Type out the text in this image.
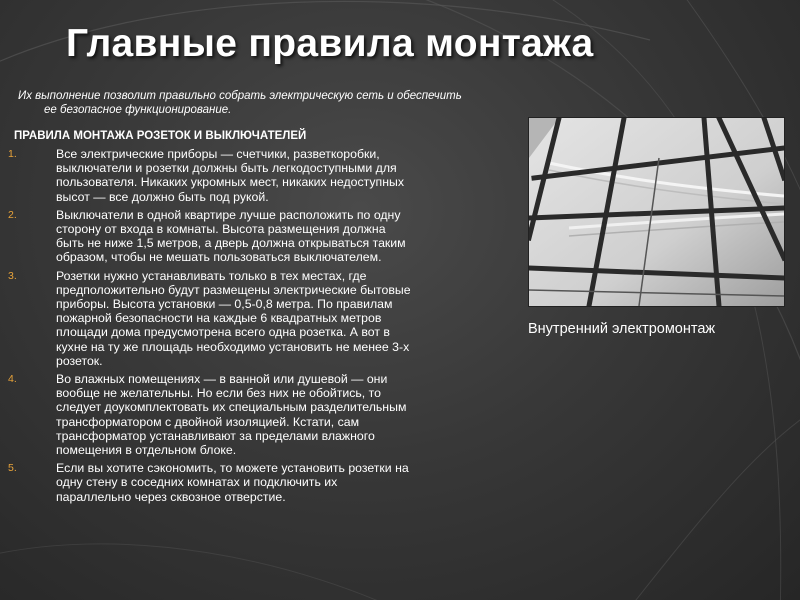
Главные правила монтажа
Их выполнение позволит правильно собрать электрическую сеть и обеспечить
ее безопасное функционирование.
ПРАВИЛА МОНТАЖА РОЗЕТОК И ВЫКЛЮЧАТЕЛЕЙ
1.	Все электрические приборы — счетчики, разветкоробки,
выключатели и розетки должны быть легкодоступными для
пользователя. Никаких укромных мест, никаких недоступных
высот — все должно быть под рукой.
2.	Выключатели в одной квартире лучше расположить по одну
сторону от входа в комнаты. Высота размещения должна
быть не ниже 1,5 метров, а дверь должна открываться таким
образом, чтобы не мешать пользоваться выключателем.
3.	Розетки нужно устанавливать только в тех местах, где
предположительно будут размещены электрические бытовые
приборы. Высота установки — 0,5-0,8 метра. По правилам
пожарной безопасности на каждые 6 квадратных метров
площади дома предусмотрена всего одна розетка. А вот в
кухне на ту же площадь необходимо установить не менее 3-х
розеток.
4.	Во влажных помещениях — в ванной или душевой — они
вообще не желательны. Но если без них не обойтись, то
следует доукомплектовать их специальным разделительным
трансформатором с двойной изоляцией. Кстати, сам
трансформатор устанавливают за пределами влажного
помещения в отдельном блоке.
5.	Если вы хотите сэкономить, то можете установить розетки на
одну стену в соседних комнатах и подключить их
параллельно через сквозное отверстие.
Внутренний электромонтаж
